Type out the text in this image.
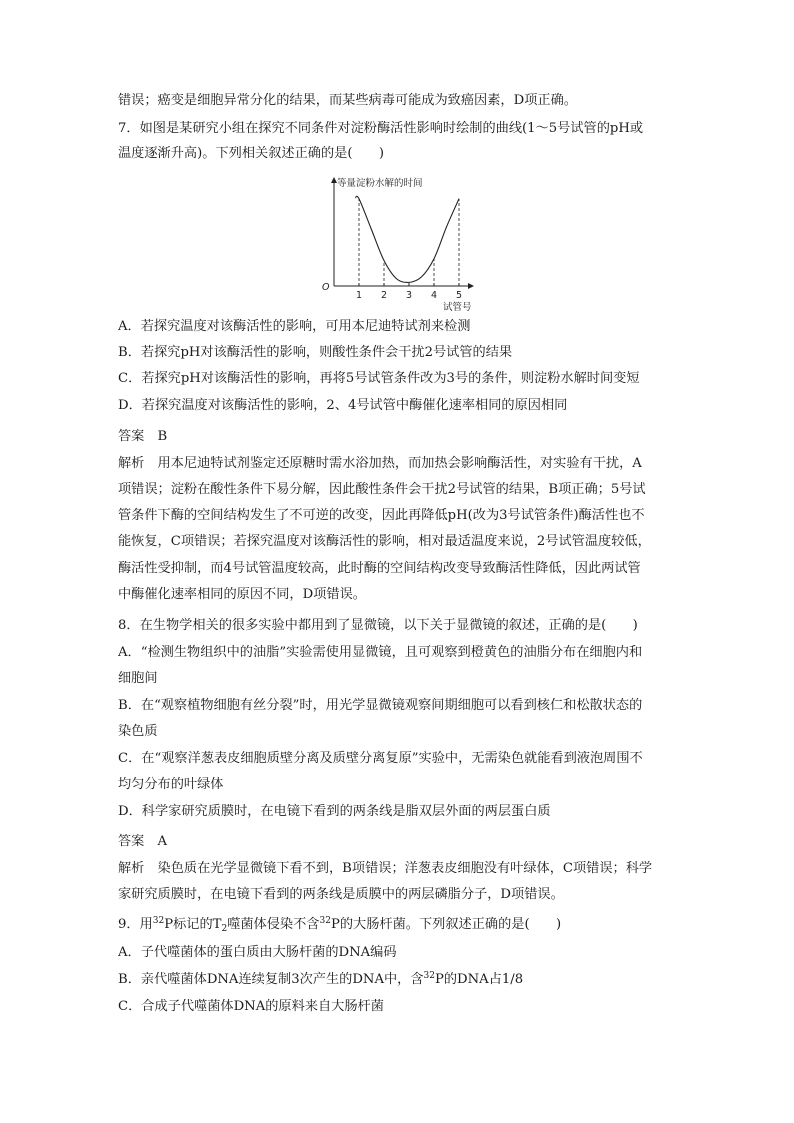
错误；癌变是细胞异常分化的结果，而某些病毒可能成为致癌因素，D项正确。
7．如图是某研究小组在探究不同条件对淀粉酶活性影响时绘制的曲线(1～5号试管的pH或
温度逐渐升高)。下列相关叙述正确的是(　　)
等量淀粉水解的时间
试管号
O
1 2 3 4 5
A．若探究温度对该酶活性的影响，可用本尼迪特试剂来检测
B．若探究pH对该酶活性的影响，则酸性条件会干扰2号试管的结果
C．若探究pH对该酶活性的影响，再将5号试管条件改为3号的条件，则淀粉水解时间变短
D．若探究温度对该酶活性的影响，2、4号试管中酶催化速率相同的原因相同
答案　B
解析　用本尼迪特试剂鉴定还原糖时需水浴加热，而加热会影响酶活性，对实验有干扰，A
项错误；淀粉在酸性条件下易分解，因此酸性条件会干扰2号试管的结果，B项正确；5号试
管条件下酶的空间结构发生了不可逆的改变，因此再降低pH(改为3号试管条件)酶活性也不
能恢复，C项错误；若探究温度对该酶活性的影响，相对最适温度来说，2号试管温度较低，
酶活性受抑制，而4号试管温度较高，此时酶的空间结构改变导致酶活性降低，因此两试管
中酶催化速率相同的原因不同，D项错误。
8．在生物学相关的很多实验中都用到了显微镜，以下关于显微镜的叙述，正确的是(　　)
A．“检测生物组织中的油脂”实验需使用显微镜，且可观察到橙黄色的油脂分布在细胞内和
细胞间
B．在“观察植物细胞有丝分裂”时，用光学显微镜观察间期细胞可以看到核仁和松散状态的
染色质
C．在“观察洋葱表皮细胞质壁分离及质壁分离复原”实验中，无需染色就能看到液泡周围不
均匀分布的叶绿体
D．科学家研究质膜时，在电镜下看到的两条线是脂双层外面的两层蛋白质
答案　A
解析　染色质在光学显微镜下看不到，B项错误；洋葱表皮细胞没有叶绿体，C项错误；科学
家研究质膜时，在电镜下看到的两条线是质膜中的两层磷脂分子，D项错误。
9．用$^{32}$P标记的$T_2$噬菌体侵染不含$^{32}$P的大肠杆菌。下列叙述正确的是(　　)
A．子代噬菌体的蛋白质由大肠杆菌的DNA编码
B．亲代噬菌体DNA连续复制3次产生的DNA中，含$^{32}$P的DNA占1/8
C．合成子代噬菌体DNA的原料来自大肠杆菌
